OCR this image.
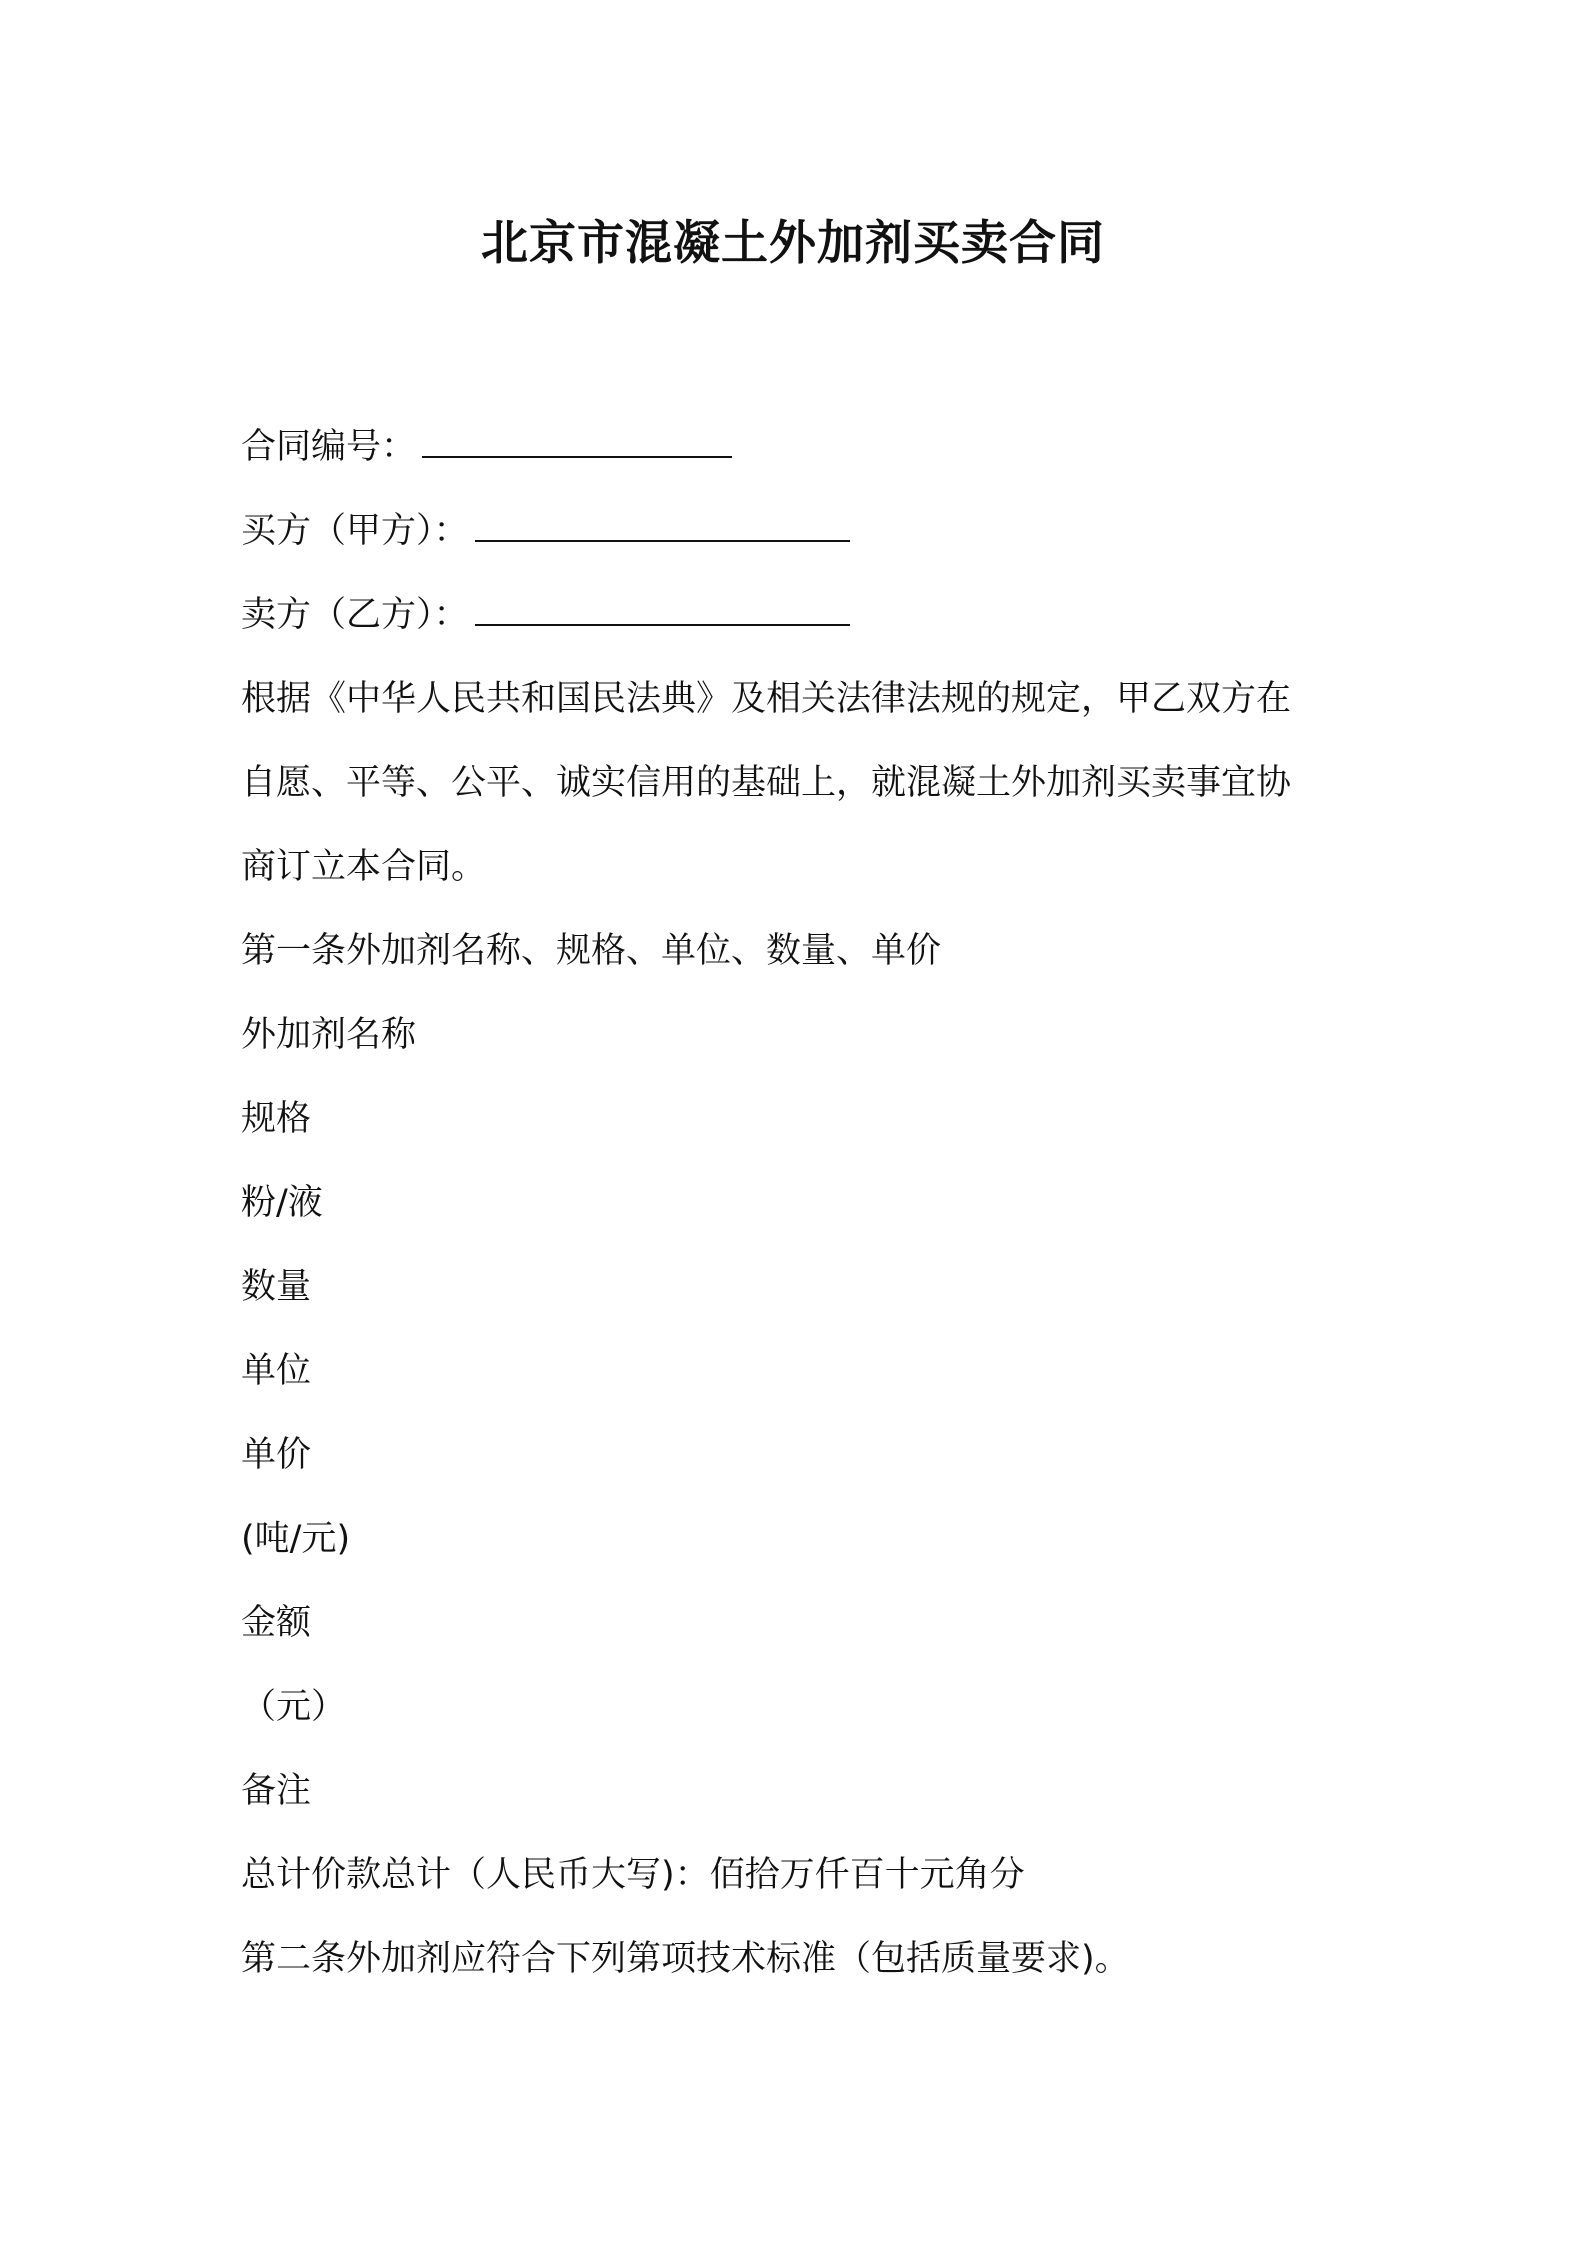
北京市混凝土外加剂买卖合同
合同编号：
买方（甲方）：
卖方（乙方）：
根据《中华人民共和国民法典》及相关法律法规的规定，甲乙双方在
自愿、平等、公平、诚实信用的基础上，就混凝土外加剂买卖事宜协
商订立本合同。
第一条外加剂名称、规格、单位、数量、单价
外加剂名称
规格
粉/液
数量
单位
单价
(吨/元)
金额
（元）
备注
总计价款总计（人民币大写)：佰拾万仟百十元角分
第二条外加剂应符合下列第项技术标准（包括质量要求)。
